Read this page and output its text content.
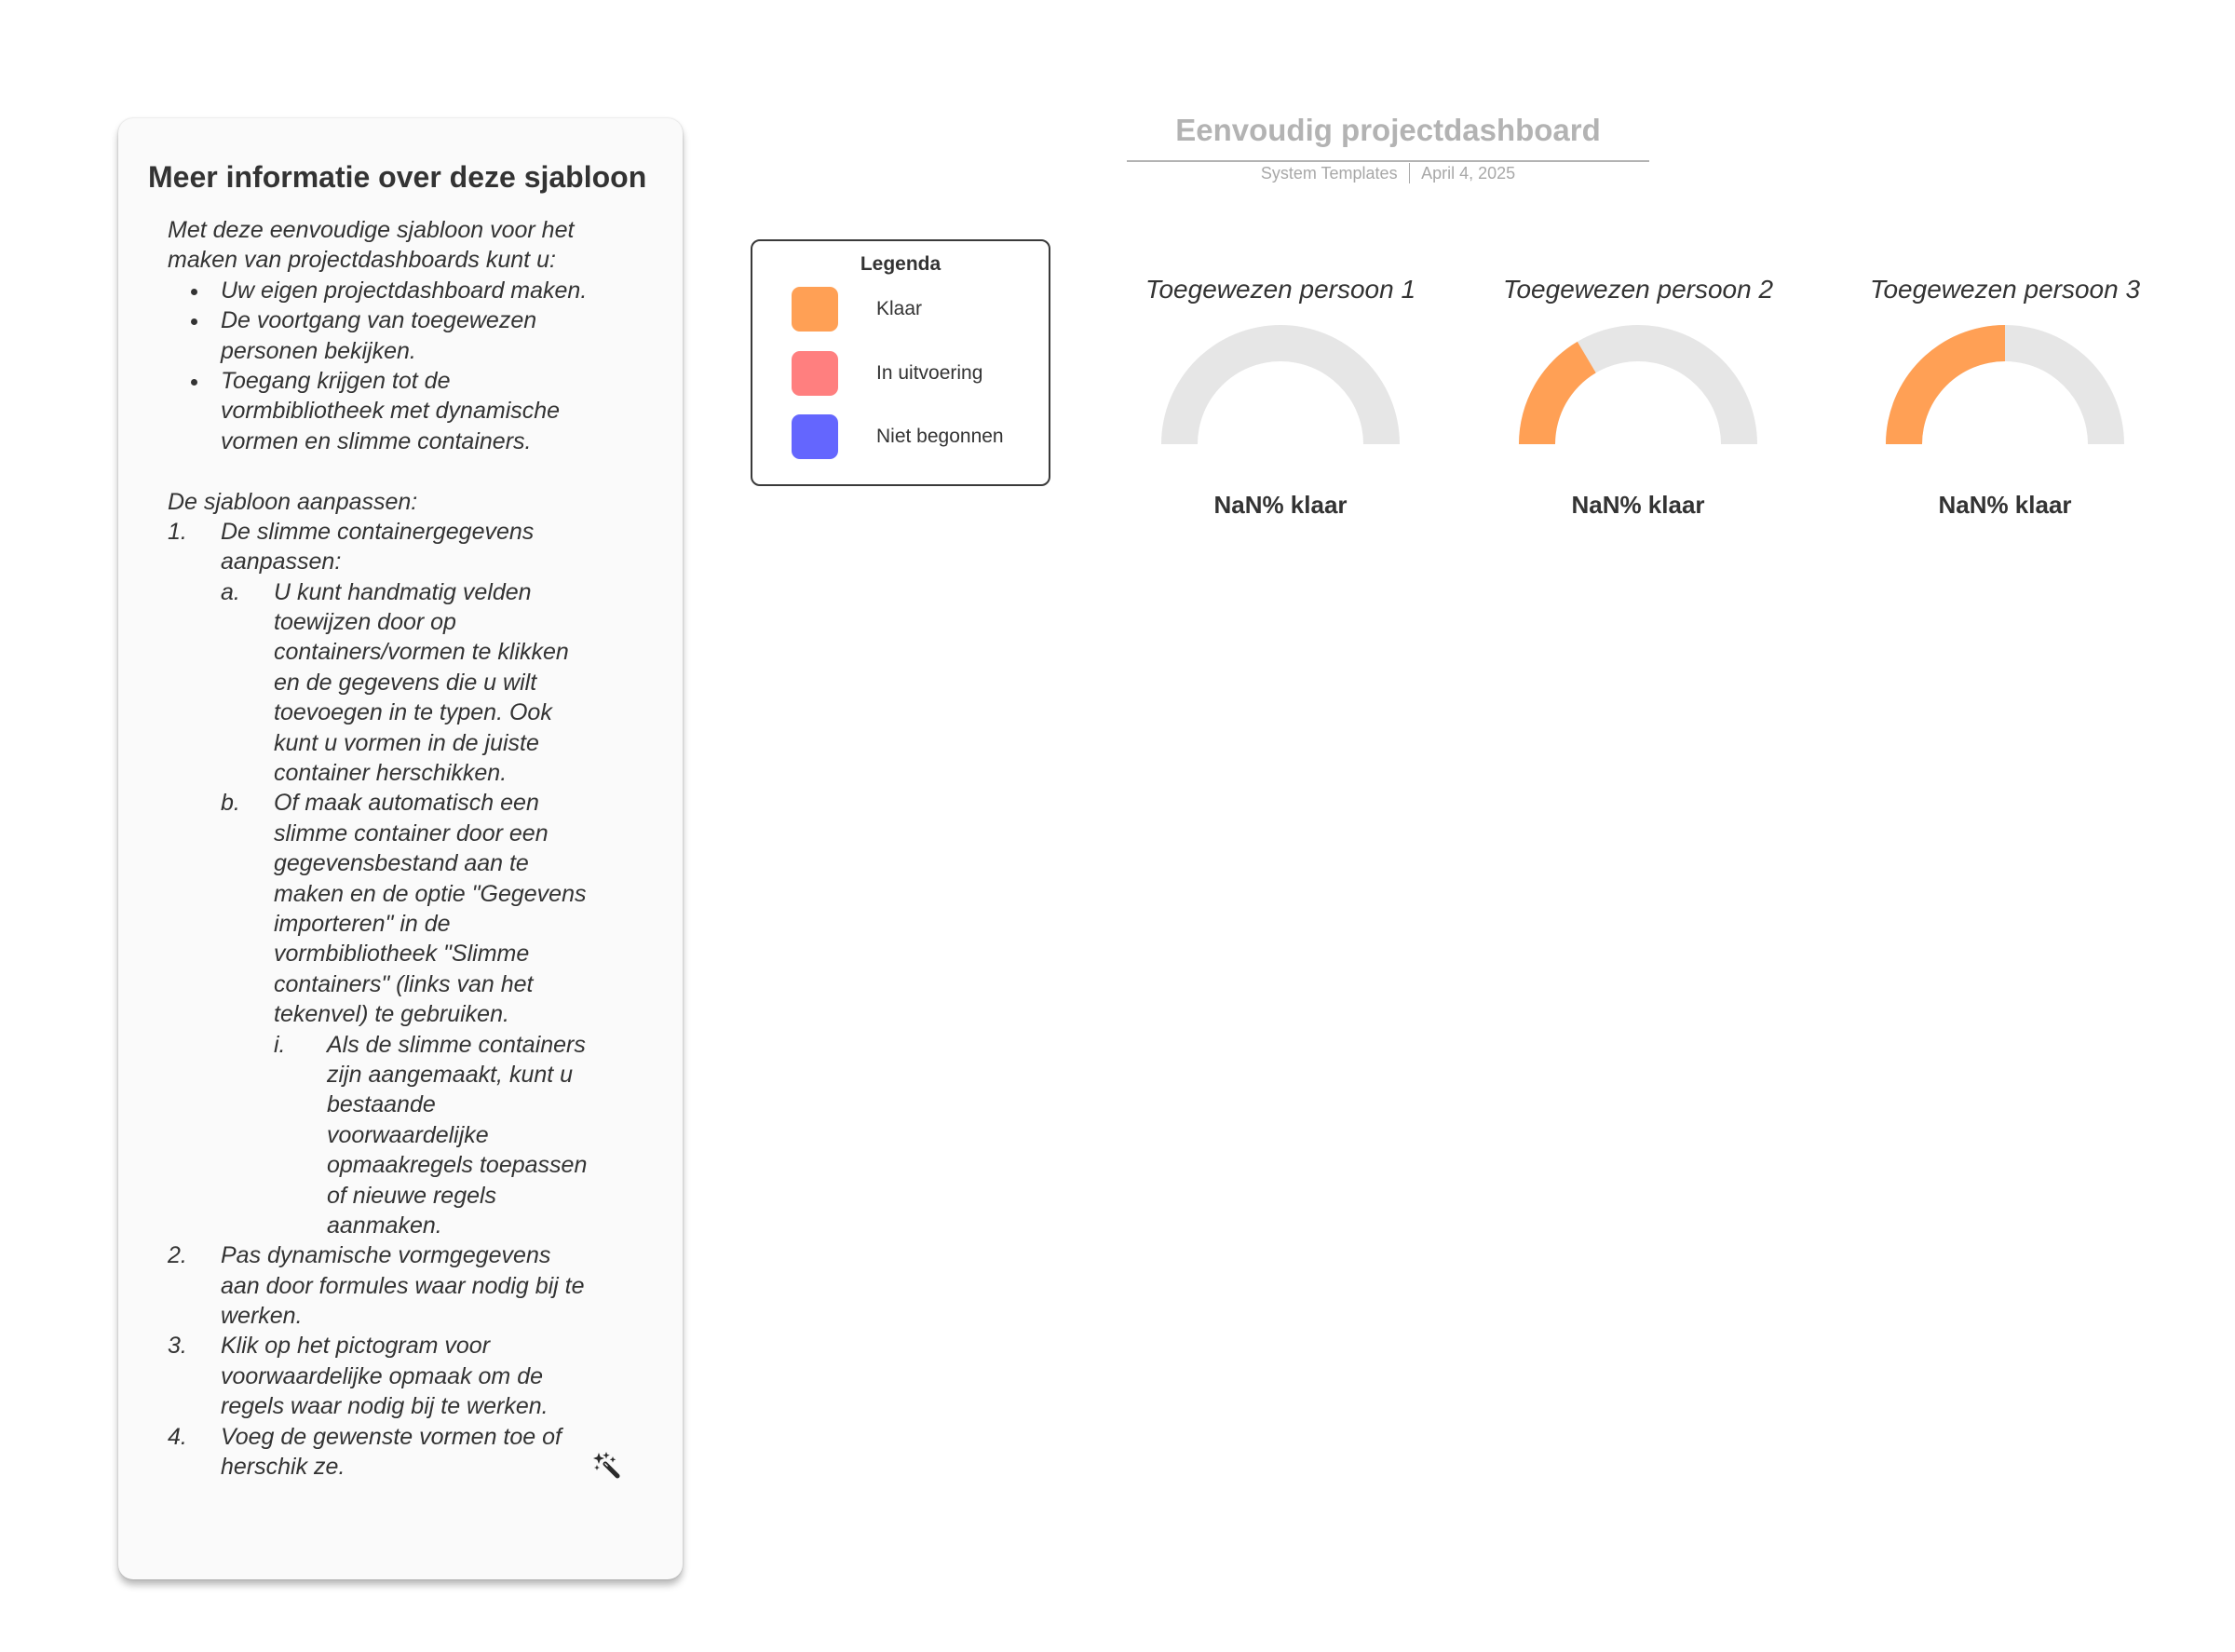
Meer informatie over deze sjabloon
Met deze eenvoudige sjabloon voor het
maken van projectdashboards kunt u:
Uw eigen projectdashboard maken.
De voortgang van toegewezen
personen bekijken.
Toegang krijgen tot de
vormbibliotheek met dynamische
vormen en slimme containers.
De sjabloon aanpassen:
1. De slimme containergegevens
aanpassen:
a. U kunt handmatig velden
toewijzen door op
containers/vormen te klikken
en de gegevens die u wilt
toevoegen in te typen. Ook
kunt u vormen in de juiste
container herschikken.
b. Of maak automatisch een
slimme container door een
gegevensbestand aan te
maken en de optie "Gegevens
importeren" in de
vormbibliotheek "Slimme
containers" (links van het
tekenvel) te gebruiken.
i. Als de slimme containers
zijn aangemaakt, kunt u
bestaande
voorwaardelijke
opmaakregels toepassen
of nieuwe regels
aanmaken.
2. Pas dynamische vormgegevens
aan door formules waar nodig bij te
werken.
3. Klik op het pictogram voor
voorwaardelijke opmaak om de
regels waar nodig bij te werken.
4. Voeg de gewenste vormen toe of
herschik ze.
Eenvoudig projectdashboard
System Templates April 4, 2025
Legenda
Klaar
In uitvoering
Niet begonnen
Toegewezen persoon 1
NaN% klaar
Toegewezen persoon 2
NaN% klaar
Toegewezen persoon 3
NaN% klaar
